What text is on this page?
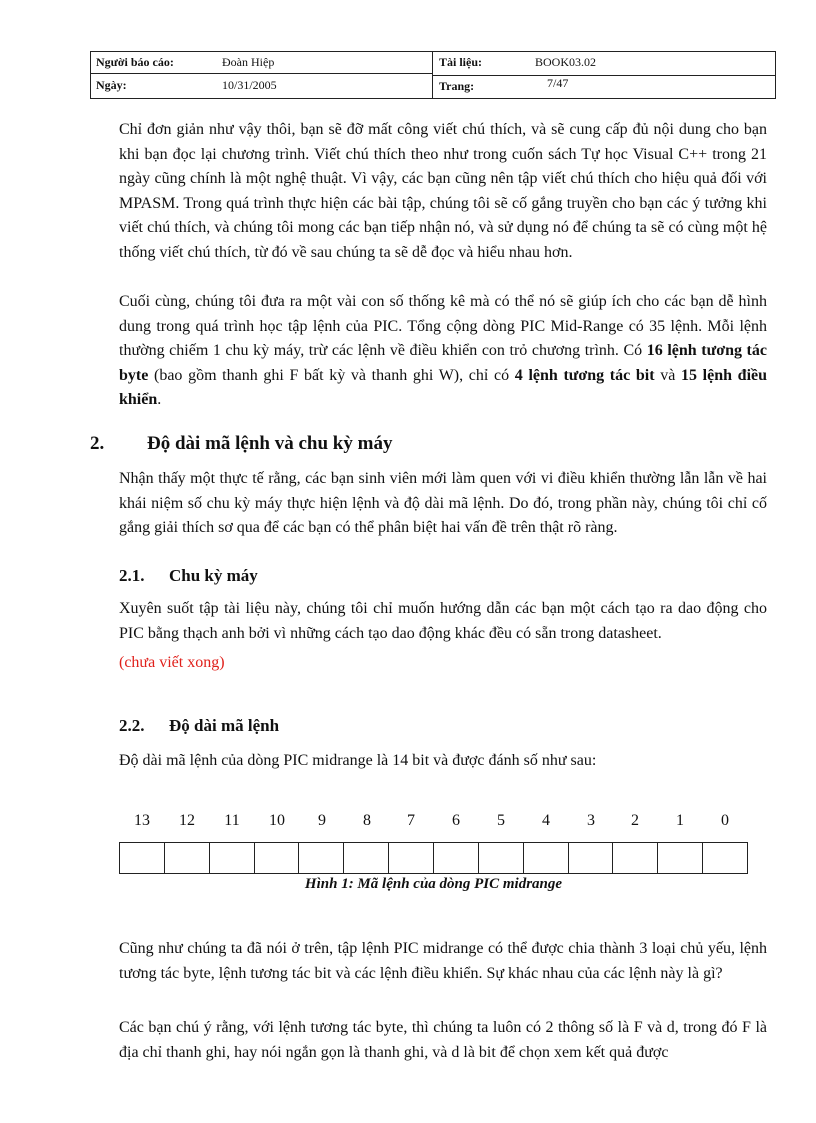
Người báo cáo:	Đoàn Hiệp
Ngày:	10/31/2005
Tài liệu:	BOOK03.02
Trang:	7/47
Chỉ đơn giản như vậy thôi, bạn sẽ đỡ mất công viết chú thích, và sẽ cung cấp đủ nội dung cho bạn khi bạn đọc lại chương trình. Viết chú thích theo như trong cuốn sách Tự học Visual C++ trong 21 ngày cũng chính là một nghệ thuật. Vì vậy, các bạn cũng nên tập viết chú thích cho hiệu quả đối với MPASM. Trong quá trình thực hiện các bài tập, chúng tôi sẽ cố gắng truyền cho bạn các ý tưởng khi viết chú thích, và chúng tôi mong các bạn tiếp nhận nó, và sử dụng nó để chúng ta sẽ có cùng một hệ thống viết chú thích, từ đó về sau chúng ta sẽ dễ đọc và hiểu nhau hơn.
Cuối cùng, chúng tôi đưa ra một vài con số thống kê mà có thể nó sẽ giúp ích cho các bạn dễ hình dung trong quá trình học tập lệnh của PIC. Tổng cộng dòng PIC Mid-Range có 35 lệnh. Mỗi lệnh thường chiếm 1 chu kỳ máy, trừ các lệnh về điều khiển con trỏ chương trình. Có 16 lệnh tương tác byte (bao gồm thanh ghi F bất kỳ và thanh ghi W), chỉ có 4 lệnh tương tác bit và 15 lệnh điều khiển.
2. Độ dài mã lệnh và chu kỳ máy
Nhận thấy một thực tế rằng, các bạn sinh viên mới làm quen với vi điều khiển thường lẫn lẫn về hai khái niệm số chu kỳ máy thực hiện lệnh và độ dài mã lệnh. Do đó, trong phần này, chúng tôi chỉ cố gắng giải thích sơ qua để các bạn có thể phân biệt hai vấn đề trên thật rõ ràng.
2.1. Chu kỳ máy
Xuyên suốt tập tài liệu này, chúng tôi chỉ muốn hướng dẫn các bạn một cách tạo ra dao động cho PIC bằng thạch anh bởi vì những cách tạo dao động khác đều có sẵn trong datasheet.
(chưa viết xong)
2.2. Độ dài mã lệnh
Độ dài mã lệnh của dòng PIC midrange là 14 bit và được đánh số như sau:
13	12	11	10	9	8	7	6	5	4	3	2	1	0
Hình 1: Mã lệnh của dòng PIC midrange
Cũng như chúng ta đã nói ở trên, tập lệnh PIC midrange có thể được chia thành 3 loại chủ yếu, lệnh tương tác byte, lệnh tương tác bit và các lệnh điều khiển. Sự khác nhau của các lệnh này là gì?
Các bạn chú ý rằng, với lệnh tương tác byte, thì chúng ta luôn có 2 thông số là F và d, trong đó F là địa chỉ thanh ghi, hay nói ngắn gọn là thanh ghi, và d là bit để chọn xem kết quả được
